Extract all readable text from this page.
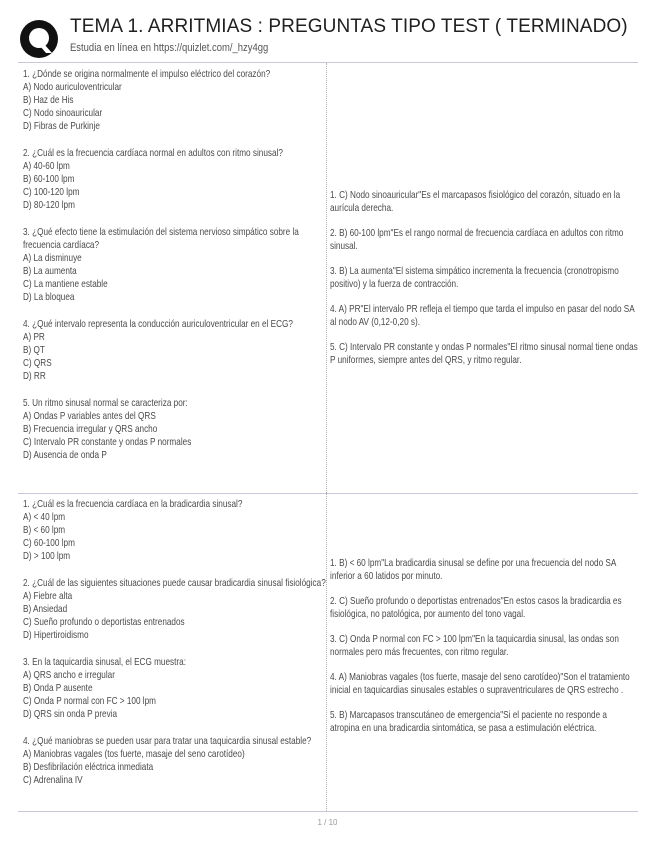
TEMA 1. ARRITMIAS : PREGUNTAS TIPO TEST ( TERMINADO)
Estudia en línea en https://quizlet.com/_hzy4gg
1. ¿Dónde se origina normalmente el impulso eléctrico del corazón?
A) Nodo auriculoventricular
B) Haz de His
C) Nodo sinoauricular
D) Fibras de Purkinje
2. ¿Cuál es la frecuencia cardíaca normal en adultos con ritmo sinusal?
A) 40-60 lpm
B) 60-100 lpm
C) 100-120 lpm
D) 80-120 lpm
3. ¿Qué efecto tiene la estimulación del sistema nervioso simpático sobre la frecuencia cardíaca?
A) La disminuye
B) La aumenta
C) La mantiene estable
D) La bloquea
4. ¿Qué intervalo representa la conducción auriculoventricular en el ECG?
A) PR
B) QT
C) QRS
D) RR
5. Un ritmo sinusal normal se caracteriza por:
A) Ondas P variables antes del QRS
B) Frecuencia irregular y QRS ancho
C) Intervalo PR constante y ondas P normales
D) Ausencia de onda P
1. C) Nodo sinoauricular"Es el marcapasos fisiológico del corazón, situado en la aurícula derecha.
2. B) 60-100 lpm"Es el rango normal de frecuencia cardíaca en adultos con ritmo sinusal.
3. B) La aumenta"El sistema simpático incrementa la frecuencia (cronotropismo positivo) y la fuerza de contracción.
4. A) PR"El intervalo PR refleja el tiempo que tarda el impulso en pasar del nodo SA al nodo AV (0,12-0,20 s).
5. C) Intervalo PR constante y ondas P normales"El ritmo sinusal normal tiene ondas P uniformes, siempre antes del QRS, y ritmo regular.
1. ¿Cuál es la frecuencia cardíaca en la bradicardia sinusal?
A) < 40 lpm
B) < 60 lpm
C) 60-100 lpm
D) > 100 lpm
2. ¿Cuál de las siguientes situaciones puede causar bradicardia sinusal fisiológica?
A) Fiebre alta
B) Ansiedad
C) Sueño profundo o deportistas entrenados
D) Hipertiroidismo
3. En la taquicardia sinusal, el ECG muestra:
A) QRS ancho e irregular
B) Onda P ausente
C) Onda P normal con FC > 100 lpm
D) QRS sin onda P previa
4. ¿Qué maniobras se pueden usar para tratar una taquicardia sinusal estable?A) Maniobras vagales (tos fuerte, masaje del seno carotídeo)
B) Desfibrilación eléctrica inmediata
C) Adrenalina IV
1. B) < 60 lpm"La bradicardia sinusal se define por una frecuencia del nodo SA inferior a 60 latidos por minuto.
2. C) Sueño profundo o deportistas entrenados"En estos casos la bradicardia es fisiológica, no patológica, por aumento del tono vagal.
3. C) Onda P normal con FC > 100 lpm"En la taquicardia sinusal, las ondas son normales pero más frecuentes, con ritmo regular.
4. A) Maniobras vagales (tos fuerte, masaje del seno carotídeo)"Son el tratamiento inicial en taquicardias sinusales estables o supraventriculares de QRS estrecho .
5. B) Marcapasos transcutáneo de emergencia"Si el paciente no responde a atropina en una bradicardia sintomática, se pasa a estimulación eléctrica.
1 / 10
